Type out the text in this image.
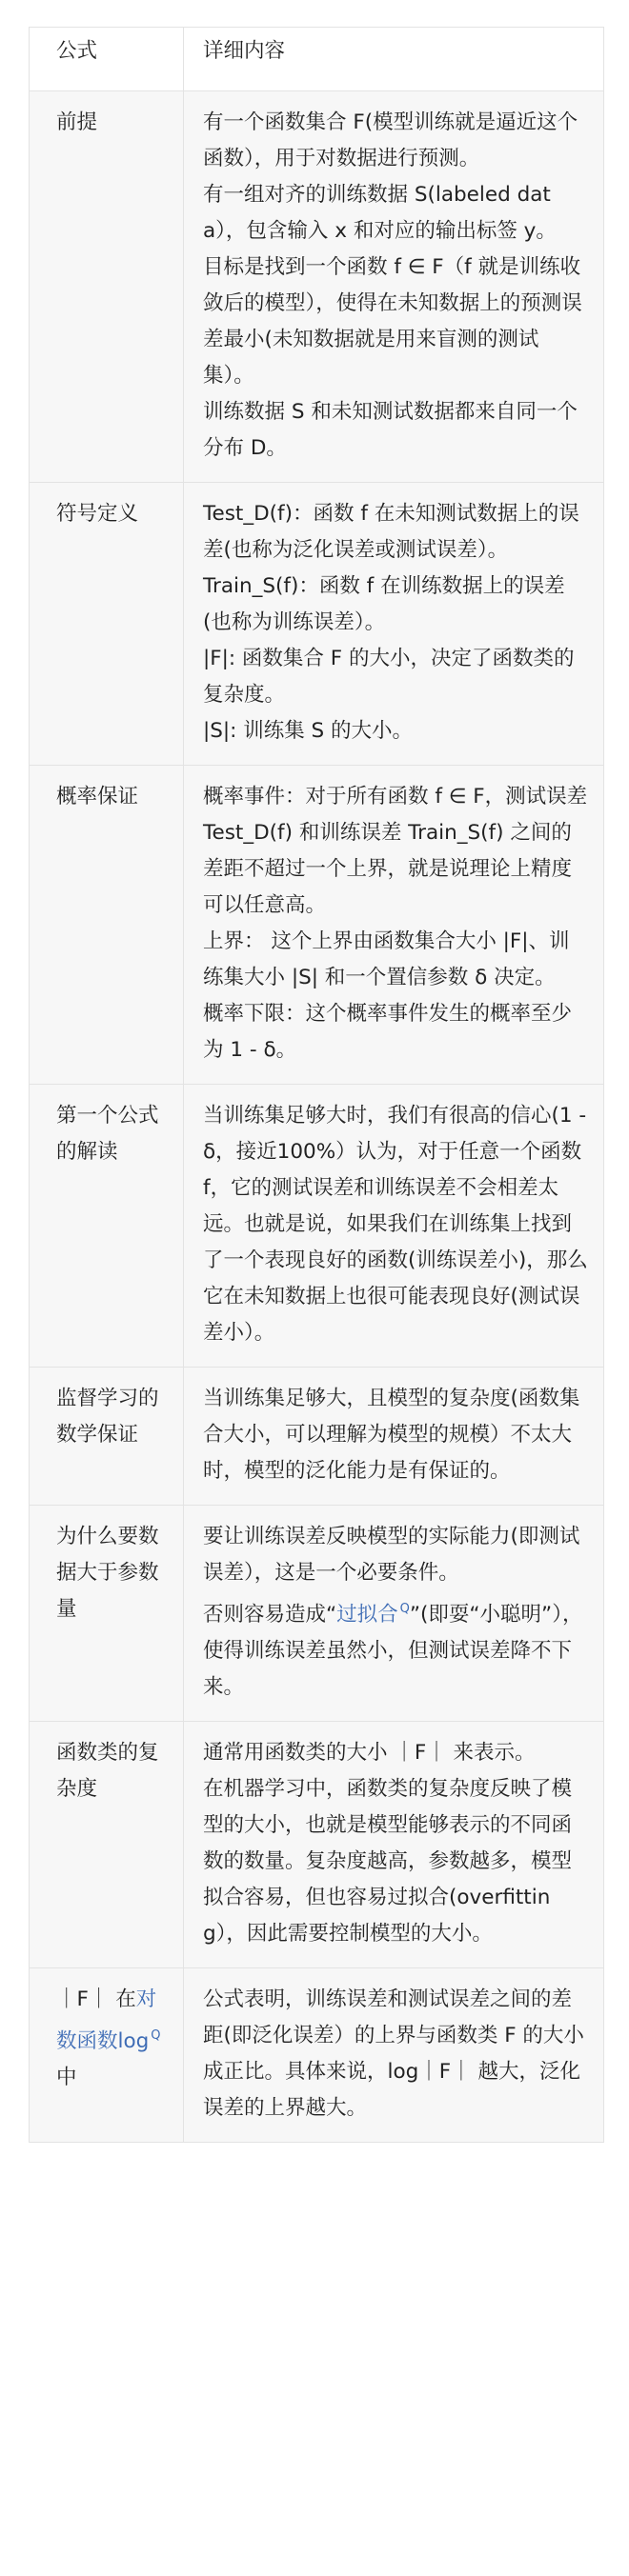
公式	详细内容
前提	有一个函数集合 F(模型训练就是逼近这个函数），用于对数据进行预测。
有一组对齐的训练数据 S(labeled data），包含输入 x 和对应的输出标签 y。
目标是找到一个函数 f ∈ F（f 就是训练收敛后的模型），使得在未知数据上的预测误差最小(未知数据就是用来盲测的测试集）。
训练数据 S 和未知测试数据都来自同一个分布 D。

符号定义	Test_D(f)：函数 f 在未知测试数据上的误差(也称为泛化误差或测试误差）。
Train_S(f)：函数 f 在训练数据上的误差(也称为训练误差）。
|F|: 函数集合 F 的大小，决定了函数类的复杂度。
|S|: 训练集 S 的大小。

概率保证	概率事件：对于所有函数 f ∈ F，测试误差 Test_D(f) 和训练误差 Train_S(f) 之间的差距不超过一个上界，就是说理论上精度可以任意高。
上界： 这个上界由函数集合大小 |F|、训练集大小 |S| 和一个置信参数 δ 决定。
概率下限：这个概率事件发生的概率至少为 1 - δ。

第一个公式的解读	当训练集足够大时，我们有很高的信心(1 - δ，接近100%）认为，对于任意一个函数 f，它的测试误差和训练误差不会相差太远。也就是说，如果我们在训练集上找到了一个表现良好的函数(训练误差小)，那么它在未知数据上也很可能表现良好(测试误差小）。

监督学习的数学保证	当训练集足够大，且模型的复杂度(函数集合大小，可以理解为模型的规模）不太大时，模型的泛化能力是有保证的。

为什么要数据大于参数量	要让训练误差反映模型的实际能力(即测试误差），这是一个必要条件。
否则容易造成“过拟合 $^Q$”(即耍“小聪明”），使得训练误差虽然小，但测试误差降不下来。

函数类的复杂度	通常用函数类的大小 ｜F｜ 来表示。
在机器学习中，函数类的复杂度反映了模型的大小，也就是模型能够表示的不同函数的数量。复杂度越高，参数越多，模型拟合容易，但也容易过拟合(overfitting），因此需要控制模型的大小。

｜F｜ 在对数函数log $^Q$中	公式表明，训练误差和测试误差之间的差距(即泛化误差）的上界与函数类 F 的大小成正比。具体来说，log｜F｜ 越大，泛化误差的上界越大。
